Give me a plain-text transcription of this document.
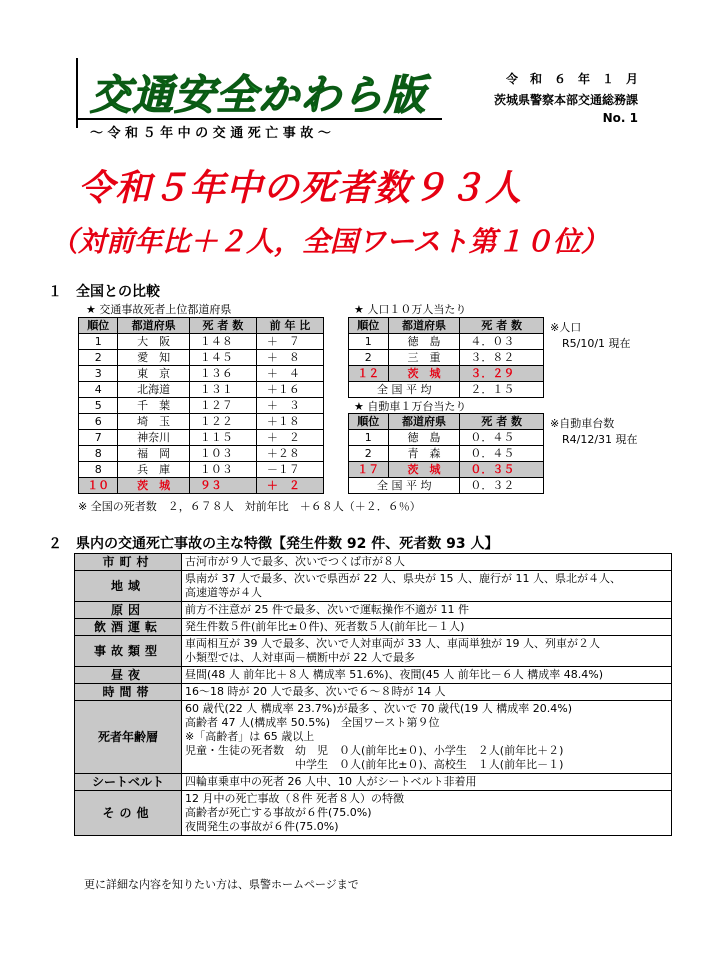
交通安全かわら版
～ 令 和 ５ 年 中 の 交 通 死 亡 事 故 ～
令　和　６　年　１　月
茨城県警察本部交通総務課
No. 1
令和５年中の死者数９３人
（対前年比＋２人，全国ワースト第１０位）
１　全国との比較
★ 交通事故死者上位都道府県
順位	都道府県	死 者 数	前 年 比
1	大　阪	１４８	＋　７
2	愛　知	１４５	＋　８
3	東　京	１３６	＋　４
4	北海道	１３１	＋１６
5	千　葉	１２７	＋　３
6	埼　玉	１２２	＋１８
7	神奈川	１１５	＋　２
8	福　岡	１０３	＋２８
8	兵　庫	１０３	－１７
１０	茨　城	９３	＋　２
※ 全国の死者数　２，６７８人　対前年比　＋６８人（＋２．６％）
★ 人口１０万人当たり
順位	都道府県	死 者 数
1	徳　島	４．０３
2	三　重	３．８２
１２	茨　城	３．２９
全 国 平 均		２．１５
※人口
R5/10/1 現在
★ 自動車１万台当たり
順位	都道府県	死 者 数
1	徳　島	０．４５
2	青　森	０．４５
１７	茨　城	０．３５
全 国 平 均		０．３２
※自動車台数
R4/12/31 現在
２　県内の交通死亡事故の主な特徴【発生件数 92 件、死者数 93 人】
市町村	古河市が９人で最多、次いでつくば市が８人

地域	県南が 37 人で最多、次いで県西が 22 人、県央が 15 人、鹿行が 11 人、県北が４人、
高速道等が４人

原因	前方不注意が 25 件で最多、次いで運転操作不適が 11 件

飲酒運転	発生件数５件(前年比±０件)、死者数５人(前年比－１人)

事故類型	車両相互が 39 人で最多、次いで人対車両が 33 人、車両単独が 19 人、列車が２人
小類型では、人対車両－横断中が 22 人で最多

昼夜	昼間(48 人 前年比＋８人 構成率 51.6%)、夜間(45 人 前年比－６人 構成率 48.4%)

時間帯	16～18 時が 20 人で最多、次いで６～８時が 14 人

死者年齢層	60 歳代(22 人 構成率 23.7%)が最多 、次いで 70 歳代(19 人 構成率 20.4%)
高齢者 47 人(構成率 50.5%)　全国ワースト第９位
※「高齢者」は 65 歳以上
児童・生徒の死者数　幼　児　０人(前年比±０)、小学生　２人(前年比＋２)
　　　　　　　　　　中学生　０人(前年比±０)、高校生　１人(前年比－１)

シートベルト	四輪車乗車中の死者 26 人中、10 人がシートベルト非着用

その他	12 月中の死亡事故（８件 死者８人）の特徴
高齢者が死亡する事故が６件(75.0%)
夜間発生の事故が６件(75.0%)
更に詳細な内容を知りたい方は、県警ホームページまで
